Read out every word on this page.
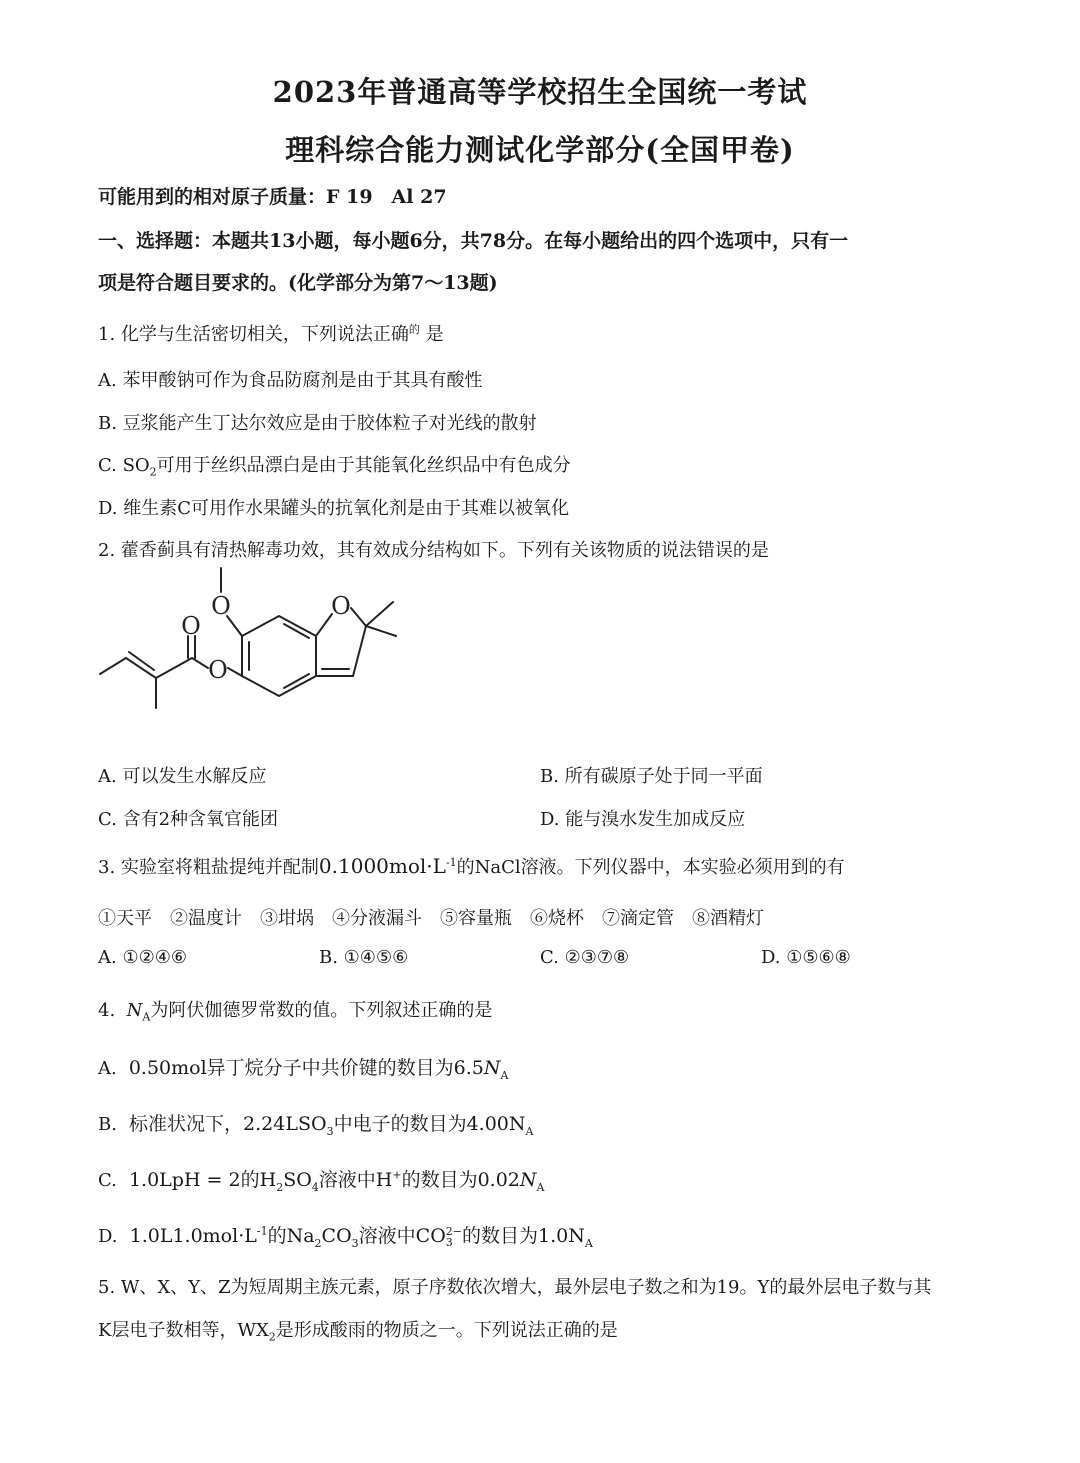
2023年普通高等学校招生全国统一考试
理科综合能力测试化学部分(全国甲卷)
可能用到的相对原子质量：F 19　Al 27
一、选择题：本题共13小题，每小题6分，共78分。在每小题给出的四个选项中，只有一
项是符合题目要求的。(化学部分为第7～13题)
1. 化学与生活密切相关，下列说法正确$^的$ 是
A. 苯甲酸钠可作为食品防腐剂是由于其具有酸性
B. 豆浆能产生丁达尔效应是由于胶体粒子对光线的散射
C. $SO_2$可用于丝织品漂白是由于其能氧化丝织品中有色成分
D. 维生素C可用作水果罐头的抗氧化剂是由于其难以被氧化
2. 藿香蓟具有清热解毒功效，其有效成分结构如下。下列有关该物质的说法错误的是
O	O
O
O
A. 可以发生水解反应	B. 所有碳原子处于同一平面
C. 含有2种含氧官能团	D. 能与溴水发生加成反应
3. 实验室将粗盐提纯并配制$0.1000mol\cdot L^{-1}$的NaCl溶液。下列仪器中，本实验必须用到的有
①天平　②温度计　③坩埚　④分液漏斗　⑤容量瓶　⑥烧杯　⑦滴定管　⑧酒精灯
A. ①②④⑥	B. ①④⑤⑥	C. ②③⑦⑧	D. ①⑤⑥⑧
4. $N_A$为阿伏伽德罗常数的值。下列叙述正确的是
A. 0.50mol异丁烷分子中共价键的数目为$6.5N_A$
B. 标准状况下，$2.24LSO_3$中电子的数目为$4.00N_A$
C. 1.0LpH = 2的$H_2SO_4$溶液中H+的数目为$0.02N_A$
D. $1.0L1.0mol\cdot L^{-1}$的$Na_2CO_3$溶液中CO 2−
3 的数目为$1.0N_A$
5. W、X、Y、Z为短周期主族元素，原子序数依次增大，最外层电子数之和为19。Y的最外层电子数与其
K层电子数相等，$WX_2$是形成酸雨的物质之一。下列说法正确的是
